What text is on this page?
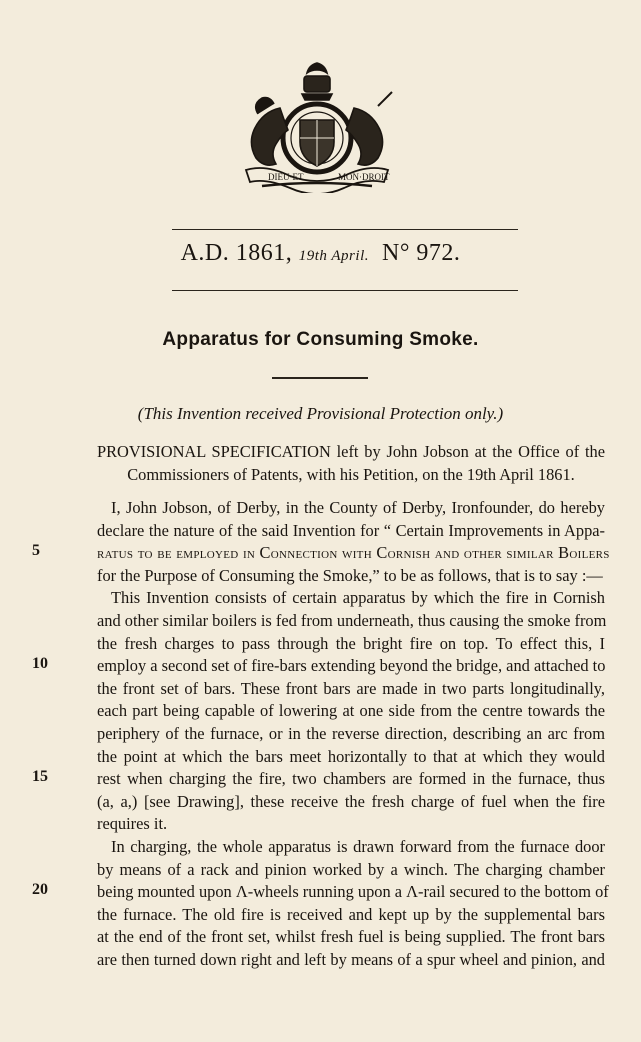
DIEU·ET	MON·DROIT
A.D. 1861, 19th April. N° 972.
Apparatus for Consuming Smoke.
(This Invention received Provisional Protection only.)
PROVISIONAL SPECIFICATION left by John Jobson at the Office of the
Commissioners of Patents, with his Petition, on the 19th April 1861.
I, John Jobson, of Derby, in the County of Derby, Ironfounder, do hereby
declare the nature of the said Invention for “ Certain Improvements in Appa-
ratus to be employed in Connection with Cornish and other similar Boilers
for the Purpose of Consuming the Smoke,” to be as follows, that is to say :—
This Invention consists of certain apparatus by which the fire in Cornish
and other similar boilers is fed from underneath, thus causing the smoke from
the fresh charges to pass through the bright fire on top. To effect this, I
employ a second set of fire-bars extending beyond the bridge, and attached to
the front set of bars. These front bars are made in two parts longitudinally,
each part being capable of lowering at one side from the centre towards the
periphery of the furnace, or in the reverse direction, describing an arc from
the point at which the bars meet horizontally to that at which they would
rest when charging the fire, two chambers are formed in the furnace, thus
(a, a,) [see Drawing], these receive the fresh charge of fuel when the fire
requires it.
In charging, the whole apparatus is drawn forward from the furnace door
by means of a rack and pinion worked by a winch. The charging chamber
being mounted upon Λ-wheels running upon a Λ-rail secured to the bottom of
the furnace. The old fire is received and kept up by the supplemental bars
at the end of the front set, whilst fresh fuel is being supplied. The front bars
are then turned down right and left by means of a spur wheel and pinion, and
5
10
15
20
